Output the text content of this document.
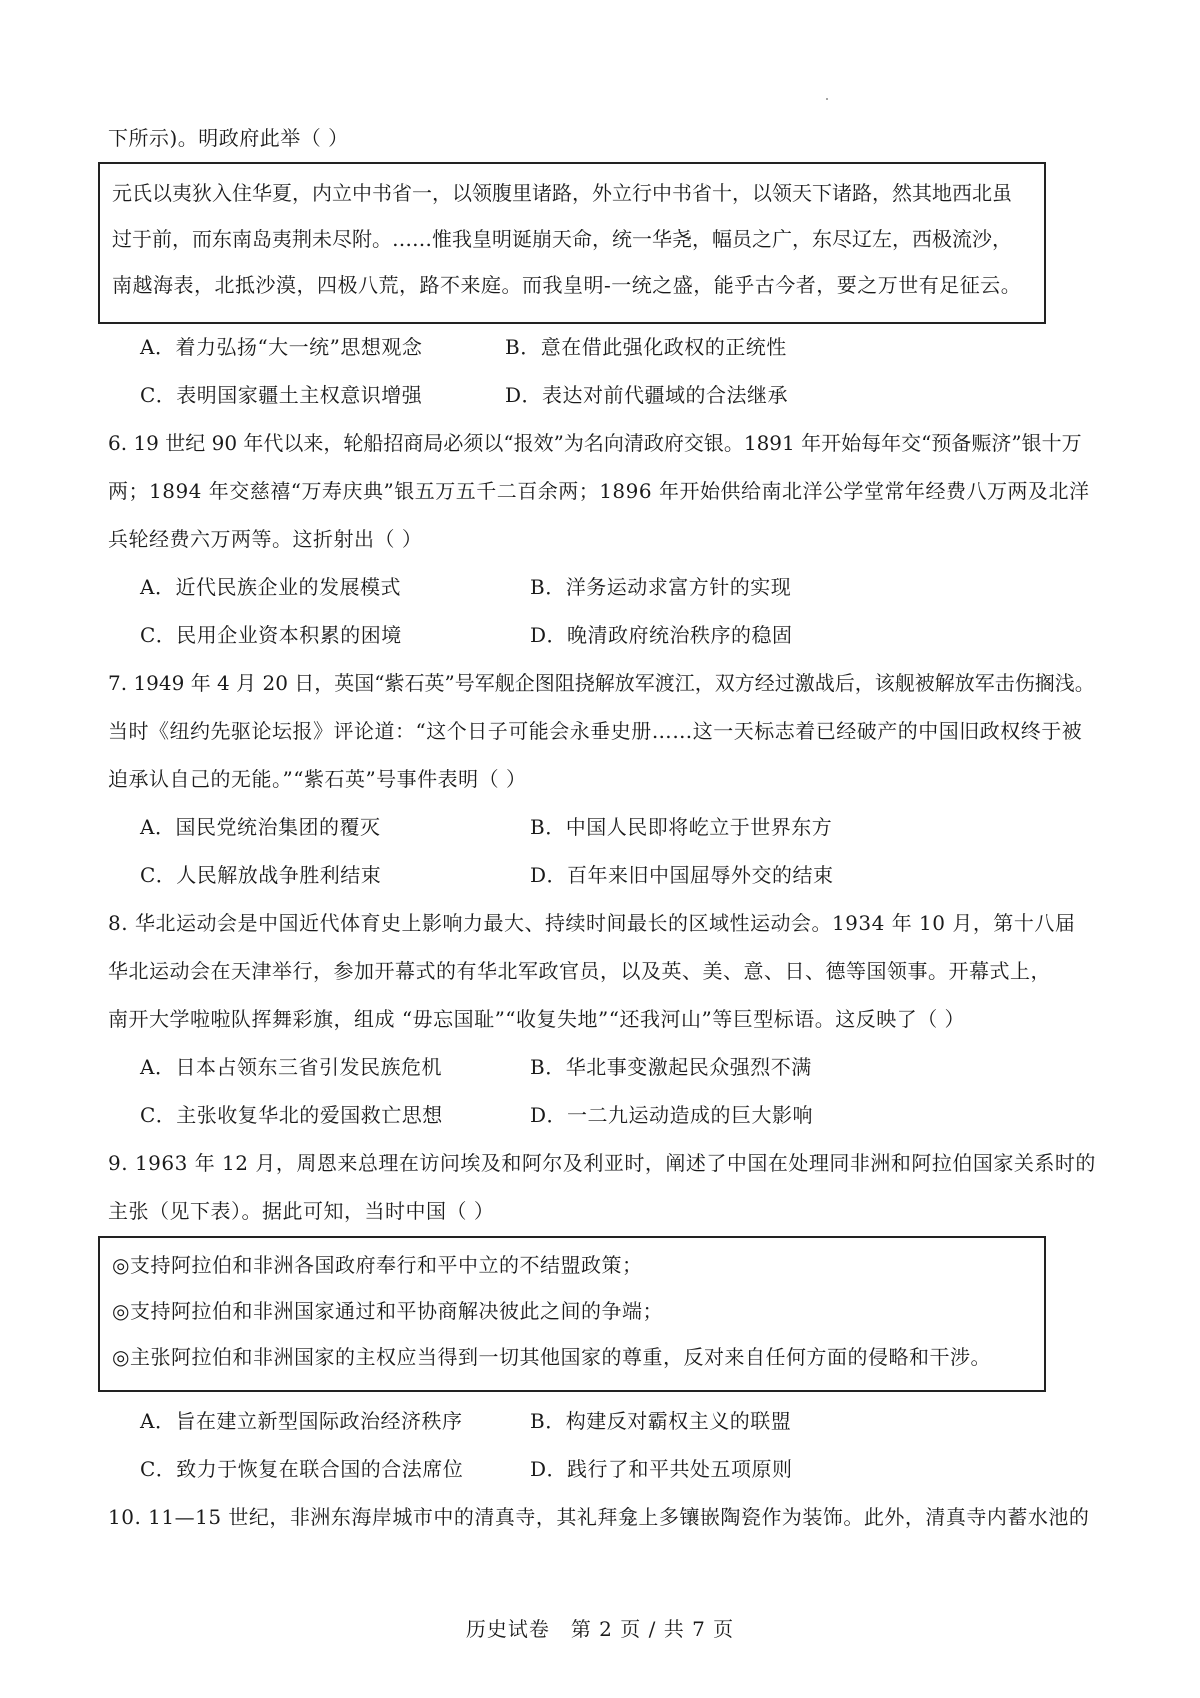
下所示)。明政府此举（ ）
元氏以夷狄入住华夏，内立中书省一，以领腹里诸路，外立行中书省十，以领天下诸路，然其地西北虽
过于前，而东南岛夷荆未尽附。……惟我皇明诞崩天命，统一华尧，幅员之广，东尽辽左，西极流沙，
南越海表，北抵沙漠，四极八荒，路不来庭。而我皇明-一统之盛，能乎古今者，要之万世有足征云。
A．着力弘扬“大一统”思想观念	B．意在借此强化政权的正统性
C．表明国家疆土主权意识增强	D．表达对前代疆域的合法继承
6. 19 世纪 90 年代以来，轮船招商局必须以“报效”为名向清政府交银。1891 年开始每年交“预备赈济”银十万
两；1894 年交慈禧“万寿庆典”银五万五千二百余两；1896 年开始供给南北洋公学堂常年经费八万两及北洋
兵轮经费六万两等。这折射出（ ）
A．近代民族企业的发展模式	B．洋务运动求富方针的实现
C．民用企业资本积累的困境	D．晚清政府统治秩序的稳固
7. 1949 年 4 月 20 日，英国“紫石英”号军舰企图阻挠解放军渡江，双方经过激战后，该舰被解放军击伤搁浅。
当时《纽约先驱论坛报》评论道：“这个日子可能会永垂史册……这一天标志着已经破产的中国旧政权终于被
迫承认自己的无能。”“紫石英”号事件表明（ ）
A．国民党统治集团的覆灭	B．中国人民即将屹立于世界东方
C．人民解放战争胜利结束	D．百年来旧中国屈辱外交的结束
8. 华北运动会是中国近代体育史上影响力最大、持续时间最长的区域性运动会。1934 年 10 月，第十八届
华北运动会在天津举行，参加开幕式的有华北军政官员，以及英、美、意、日、德等国领事。开幕式上，
南开大学啦啦队挥舞彩旗，组成 “毋忘国耻”“收复失地”“还我河山”等巨型标语。这反映了（ ）
A．日本占领东三省引发民族危机	B．华北事变激起民众强烈不满
C．主张收复华北的爱国救亡思想	D．一二九运动造成的巨大影响
9. 1963 年 12 月，周恩来总理在访问埃及和阿尔及利亚时，阐述了中国在处理同非洲和阿拉伯国家关系时的
主张（见下表）。据此可知，当时中国（ ）
◎支持阿拉伯和非洲各国政府奉行和平中立的不结盟政策；
◎支持阿拉伯和非洲国家通过和平协商解决彼此之间的争端；
◎主张阿拉伯和非洲国家的主权应当得到一切其他国家的尊重，反对来自任何方面的侵略和干涉。
A．旨在建立新型国际政治经济秩序	B．构建反对霸权主义的联盟
C．致力于恢复在联合国的合法席位	D．践行了和平共处五项原则
10. 11—15 世纪，非洲东海岸城市中的清真寺，其礼拜龛上多镶嵌陶瓷作为装饰。此外，清真寺内蓄水池的
历史试卷　第 2 页 / 共 7 页
